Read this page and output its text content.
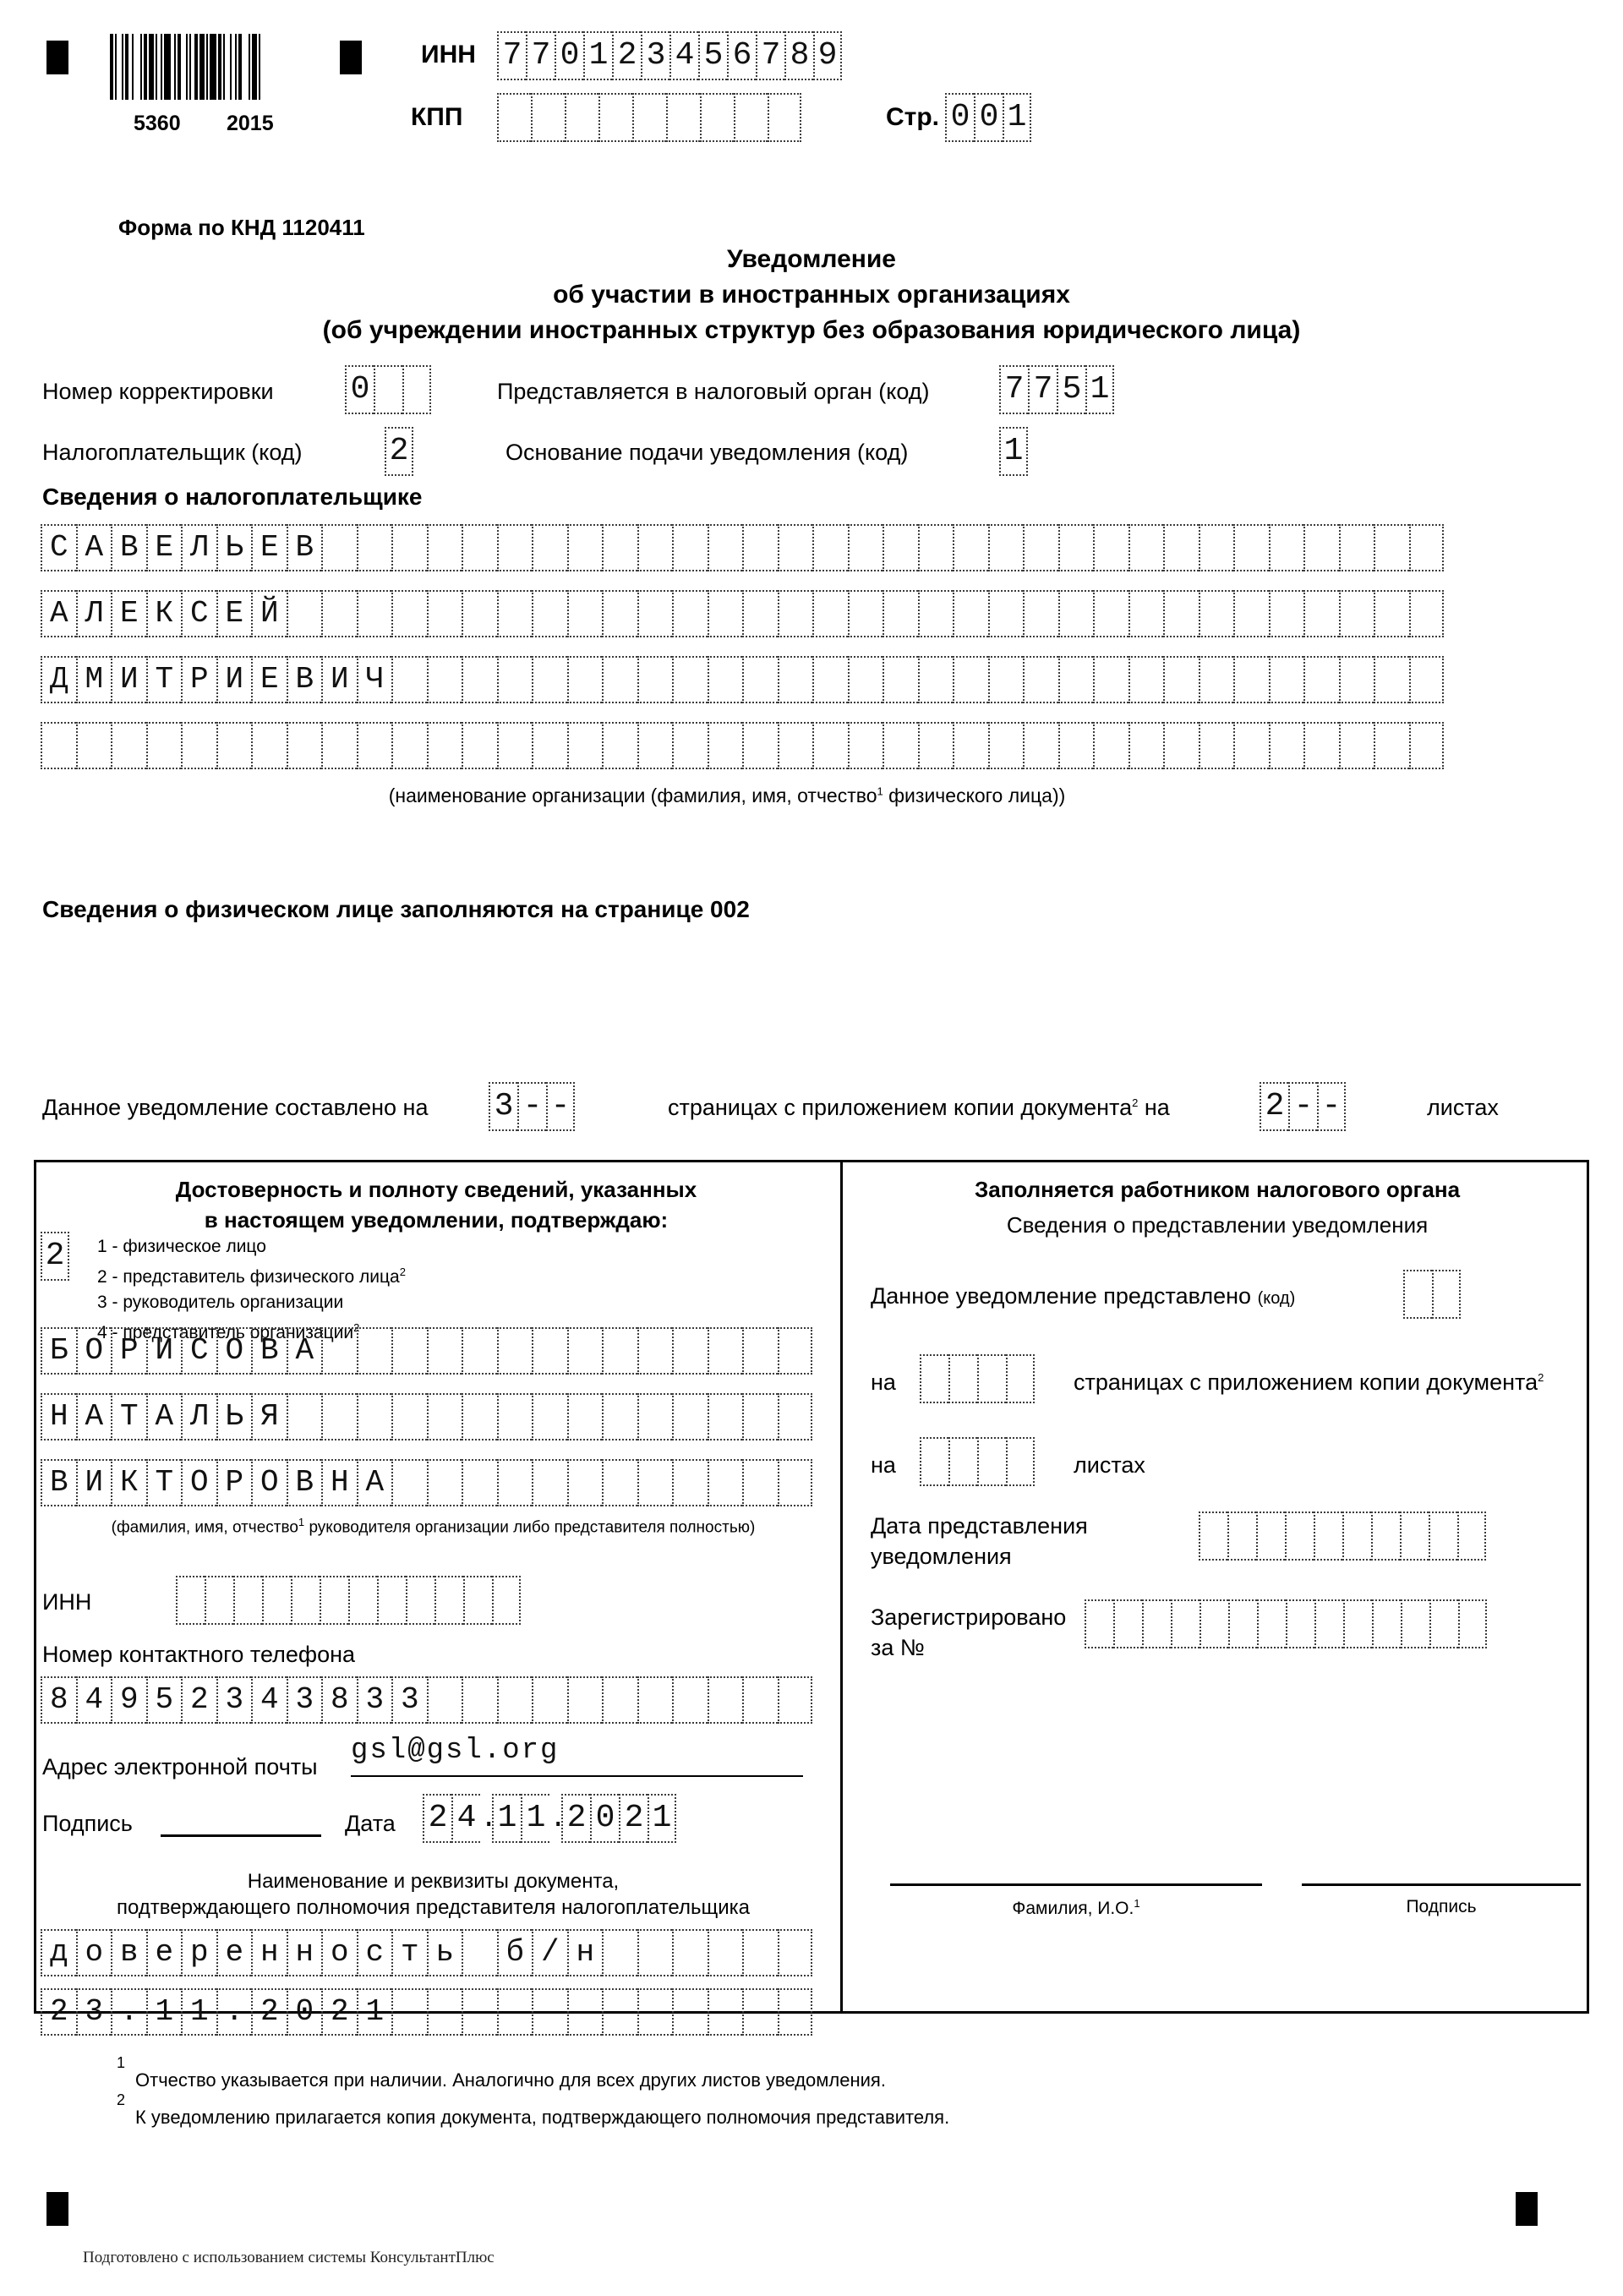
5360 2015
ИНН 7 7 0 1 2 3 4 5 6 7 8 9
КПП	Стр. 0 0 1
Форма по КНД 1120411
Уведомление
об участии в иностранных организациях
(об учреждении иностранных структур без образования юридического лица)
Номер корректировки 0	Представляется в налоговый орган (код) 7 7 5 1
Налогоплательщик (код)	2	Основание подачи уведомления (код)	1
Сведения о налогоплательщике
С А В Е Л Ь Е В
А Л Е К С Е Й
Д М И Т Р И Е В И Ч
(наименование организации (фамилия, имя, отчество$^1$ физического лица))
Сведения о физическом лице заполняются на странице 002
Данное уведомление составлено на 3 - -	страницах с приложением копии документа$^2$ на	2 - -	листах
Достоверность и полноту сведений, указанных
в настоящем уведомлении, подтверждаю:
2 1 - физическое лицо
2 - представитель физического лица$^2$
3 - руководитель организации
4 - представитель организации$^2$
Б О Р И С О В А
Н А Т А Л Ь Я
В И К Т О Р О В Н А
(фамилия, имя, отчество$^1$ руководителя организации либо представителя полностью)
ИНН
Номер контактного телефона
8 4 9 5 2 3 4 3 8 3 3
Адрес электронной почты gsl@gsl.org
Подпись	Дата 2 4 . 1 1 . 2 0 2 1
Наименование и реквизиты документа,
подтверждающего полномочия представителя налогоплательщика
д о в е р е н н о с т ь	б / н
2 3 . 1 1 . 2 0 2 1
Заполняется работником налогового органа
Сведения о представлении уведомления
Данное уведомление представлено (код)
на	страницах с приложением копии документа$^2$
на	листах
Дата представления
уведомления
Зарегистрировано
за №
Фамилия, И.О.$^1$	Подпись
1
Отчество указывается при наличии. Аналогично для всех других листов уведомления.
2
К уведомлению прилагается копия документа, подтверждающего полномочия представителя.
Подготовлено с использованием системы КонсультантПлюс
